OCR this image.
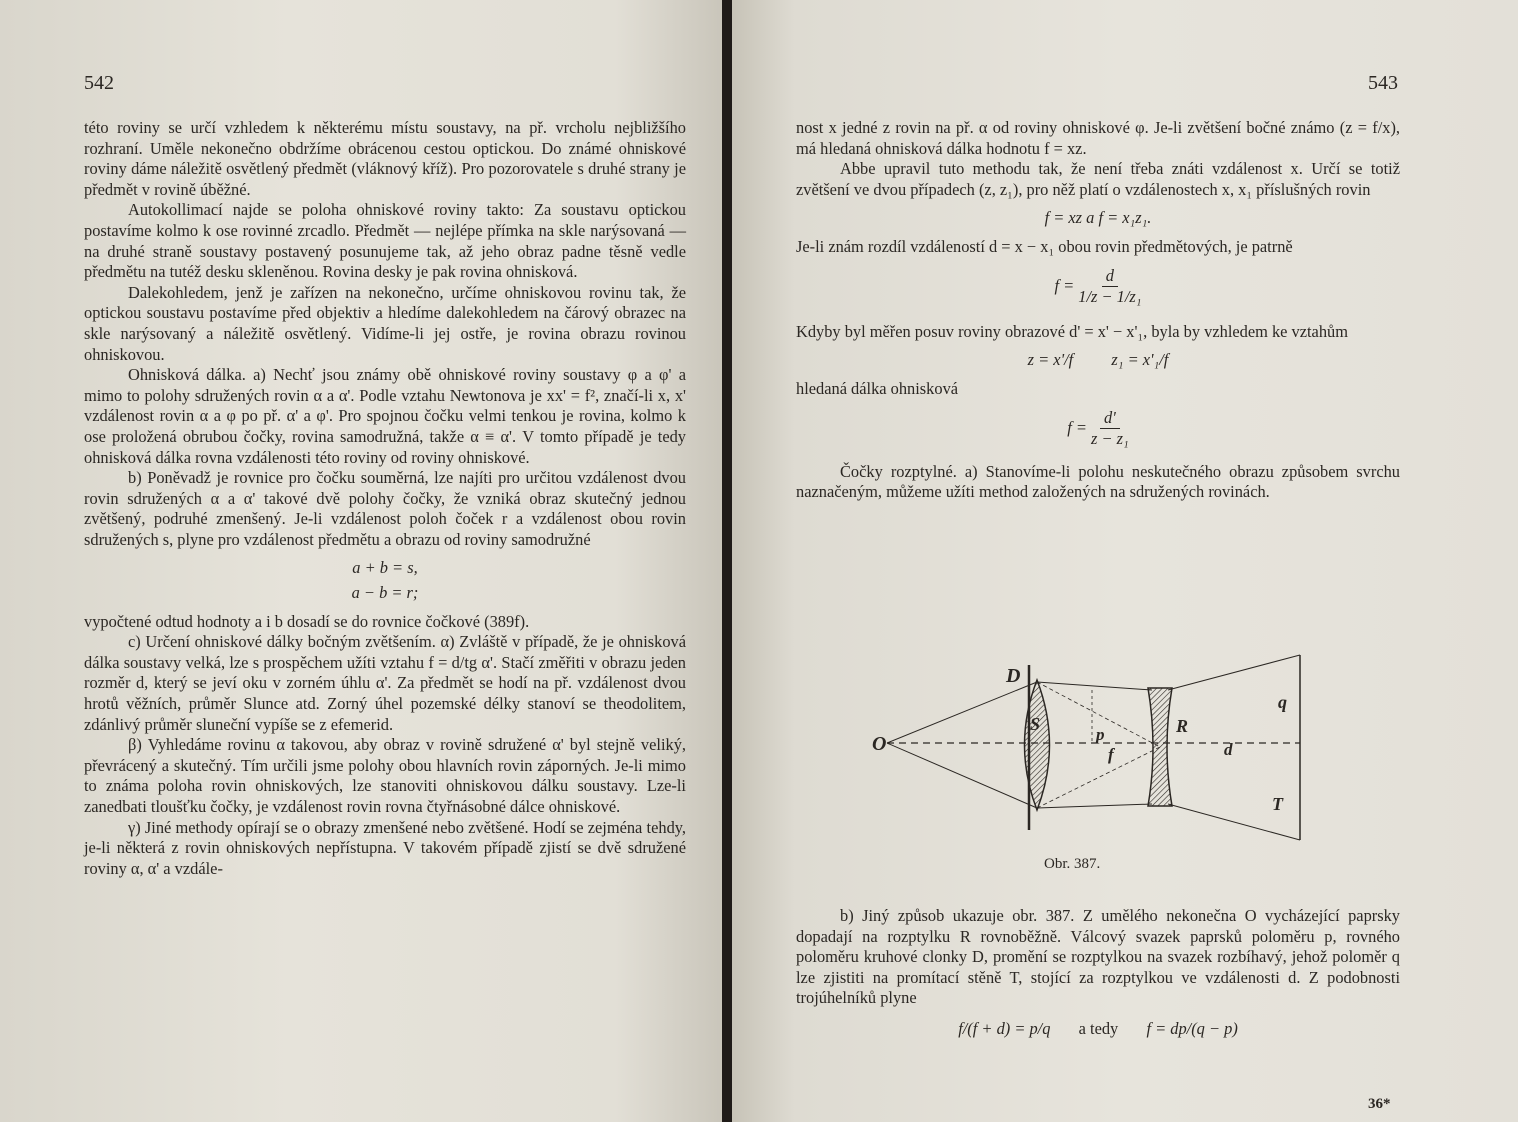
542

této roviny se určí vzhledem k některému místu soustavy, na př. vrcholu nejbližšího rozhraní. Uměle nekonečno obdržíme obrácenou cestou optickou. Do známé ohniskové roviny dáme náležitě osvětlený předmět (vláknový kříž). Pro pozorovatele s druhé strany je předmět v rovině úběžné.

Autokollimací najde se poloha ohniskové roviny takto: Za soustavu optickou postavíme kolmo k ose rovinné zrcadlo. Předmět — nejlépe přímka na skle narýsovaná — na druhé straně soustavy postavený posunujeme tak, až jeho obraz padne těsně vedle předmětu na tutéž desku skleněnou. Rovina desky je pak rovina ohnisková.

Dalekohledem, jenž je zařízen na nekonečno, určíme ohniskovou rovinu tak, že optickou soustavu postavíme před objektiv a hledíme dalekohledem na čárový obrazec na skle narýsovaný a náležitě osvětlený. Vidíme-li jej ostře, je rovina obrazu rovinou ohniskovou.

Ohnisková dálka. a) Nechť jsou známy obě ohniskové roviny soustavy φ a φ' a mimo to polohy sdružených rovin α a α'. Podle vztahu Newtonova je xx' = f², značí-li x, x' vzdálenost rovin α a φ po př. α' a φ'. Pro spojnou čočku velmi tenkou je rovina, kolmo k ose proložená obrubou čočky, rovina samodružná, takže α ≡ α'. V tomto případě je tedy ohnisková dálka rovna vzdálenosti této roviny od roviny ohniskové.

b) Poněvadž je rovnice pro čočku souměrná, lze najíti pro určitou vzdálenost dvou rovin sdružených α a α' takové dvě polohy čočky, že vzniká obraz skutečný jednou zvětšený, podruhé zmenšený. Je-li vzdálenost poloh čoček r a vzdálenost obou rovin sdružených s, plyne pro vzdálenost předmětu a obrazu od roviny samodružné

a + b = s,
a − b = r;

vypočtené odtud hodnoty a i b dosadí se do rovnice čočkové (389f).

c) Určení ohniskové dálky bočným zvětšením. α) Zvláště v případě, že je ohnisková dálka soustavy velká, lze s prospěchem užíti vztahu f = d/tg α'. Stačí změřiti v obrazu jeden rozměr d, který se jeví oku v zorném úhlu α'. Za předmět se hodí na př. vzdálenost dvou hrotů věžních, průměr Slunce atd. Zorný úhel pozemské délky stanoví se theodolitem, zdánlivý průměr sluneční vypíše se z efemerid.

β) Vyhledáme rovinu α takovou, aby obraz v rovině sdružené α' byl stejně veliký, převrácený a skutečný. Tím určili jsme polohy obou hlavních rovin záporných. Je-li mimo to známa poloha rovin ohniskových, lze stanoviti ohniskovou dálku soustavy. Lze-li zanedbati tloušťku čočky, je vzdálenost rovin rovna čtyřnásobné dálce ohniskové.

γ) Jiné methody opírají se o obrazy zmenšené nebo zvětšené. Hodí se zejména tehdy, je-li některá z rovin ohniskových nepřístupna. V takovém případě zjistí se dvě sdružené roviny α, α' a vzdále-

543

nost x jedné z rovin na př. α od roviny ohniskové φ. Je-li zvětšení bočné známo (z = f/x), má hledaná ohnisková dálka hodnotu f = xz.

Abbe upravil tuto methodu tak, že není třeba znáti vzdálenost x. Určí se totiž zvětšení ve dvou případech (z, z₁), pro něž platí o vzdálenostech x, x₁ příslušných rovin

f = xz a f = x₁z₁.

Je-li znám rozdíl vzdáleností d = x − x₁ obou rovin předmětových, je patrně

$f = \frac{d}{\text{1/z − 1/z₁}}$

Kdyby byl měřen posuv roviny obrazové d' = x' − x'₁, byla by vzhledem ke vztahům

z = x'/f z₁ = x'₁/f

hledaná dálka ohnisková

$f = \frac{d'}{\text{z − z₁}}$

Čočky rozptylné. a) Stanovíme-li polohu neskutečného obrazu způsobem svrchu naznačeným, můžeme užíti method založených na sdružených rovinách.

D
S	R
O	p
f	d
q
T
Obr. 387.

b) Jiný způsob ukazuje obr. 387. Z umělého nekonečna O vycházející paprsky dopadají na rozptylku R rovnoběžně. Válcový svazek paprsků poloměru p, rovného poloměru kruhové clonky D, promění se rozptylkou na svazek rozbíhavý, jehož poloměr q lze zjistiti na promítací stěně T, stojící za rozptylkou ve vzdálenosti d. Z podobnosti trojúhelníků plyne

f/(f + d) = p/q a tedy f = dp/(q − p)
36*
